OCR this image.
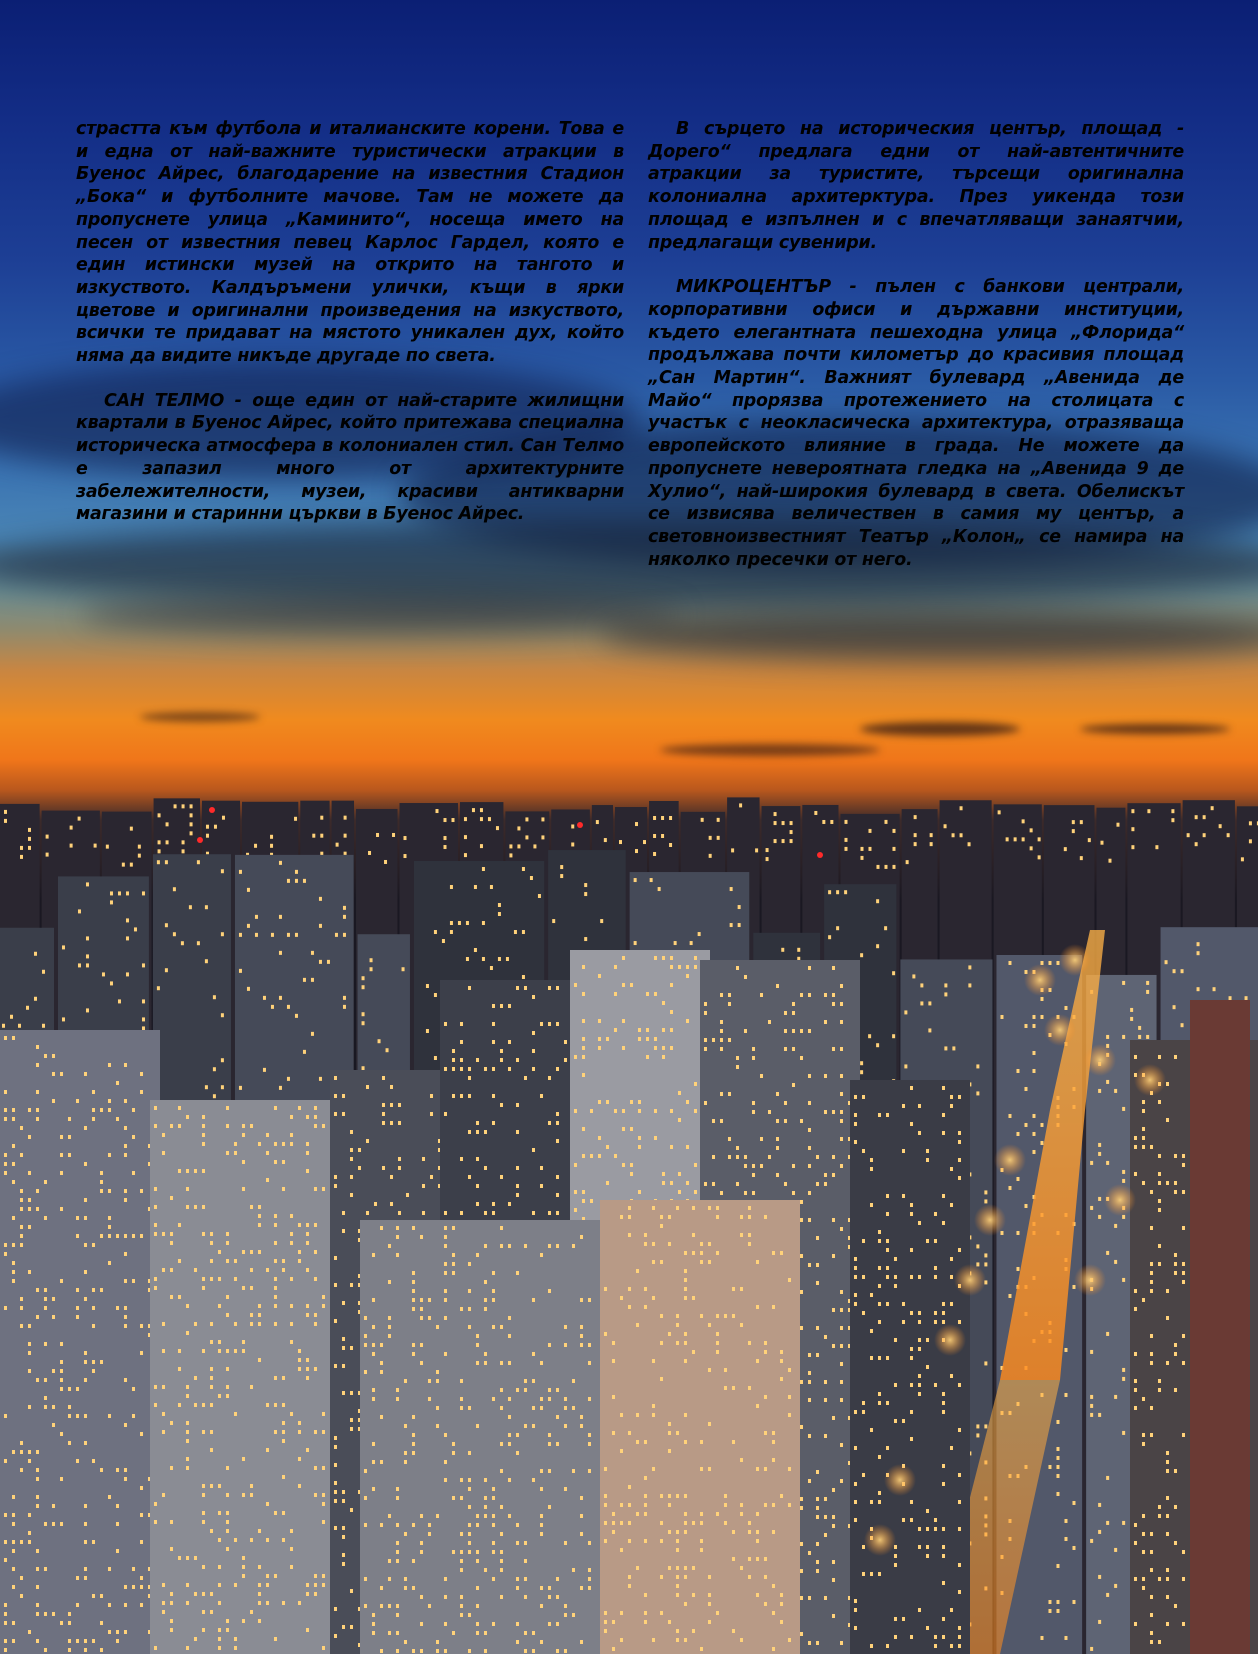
страстта към футбола и италианските корени. Това е и една от най-важните туристически атракции в Буенос Айрес, благодарение на известния Стадион „Бока“ и футболните мачове. Там не можете да пропуснете улица „Каминито“, носеща името на песен от известния певец Карлос Гардел, която е един истински музей на открито на тангото и изкуството. Калдъръмени улички, къщи в ярки цветове и оригинални произведения на изкуството, всички те придават на мястото уникален дух, който няма да видите никъде другаде по света.

САН ТЕЛМО - още един от най-старите жилищни квартали в Буенос Айрес, който притежава специална историческа атмосфера в колониален стил. Сан Телмо е запазил много от архитектурните забележителности, музеи, красиви антикварни магазини и старинни църкви в Буенос Айрес.

В сърцето на историческия център, площад - Дорего“ предлага едни от най-автентичните атракции за туристите, търсещи оригинална колониална архитерктура. През уикенда този площад е изпълнен и с впечатляващи занаятчии, предлагащи сувенири.

МИКРОЦЕНТЪР - пълен с банкови централи, корпоративни офиси и държавни институции, където елегантната пешеходна улица „Флорида“ продължава почти километър до красивия площад „Сан Мартин“. Важният булевард „Авенида де Майо“ прорязва протежението на столицата с участък с неокласическа архитектура, отразяваща европейското влияние в града. Не можете да пропуснете невероятната гледка на „Авенида 9 де Хулио“, най-широкия булевард в света. Обелискът се извисява величествен в самия му център, а световноизвестният Театър „Колон„ се намира на няколко пресечки от него.
